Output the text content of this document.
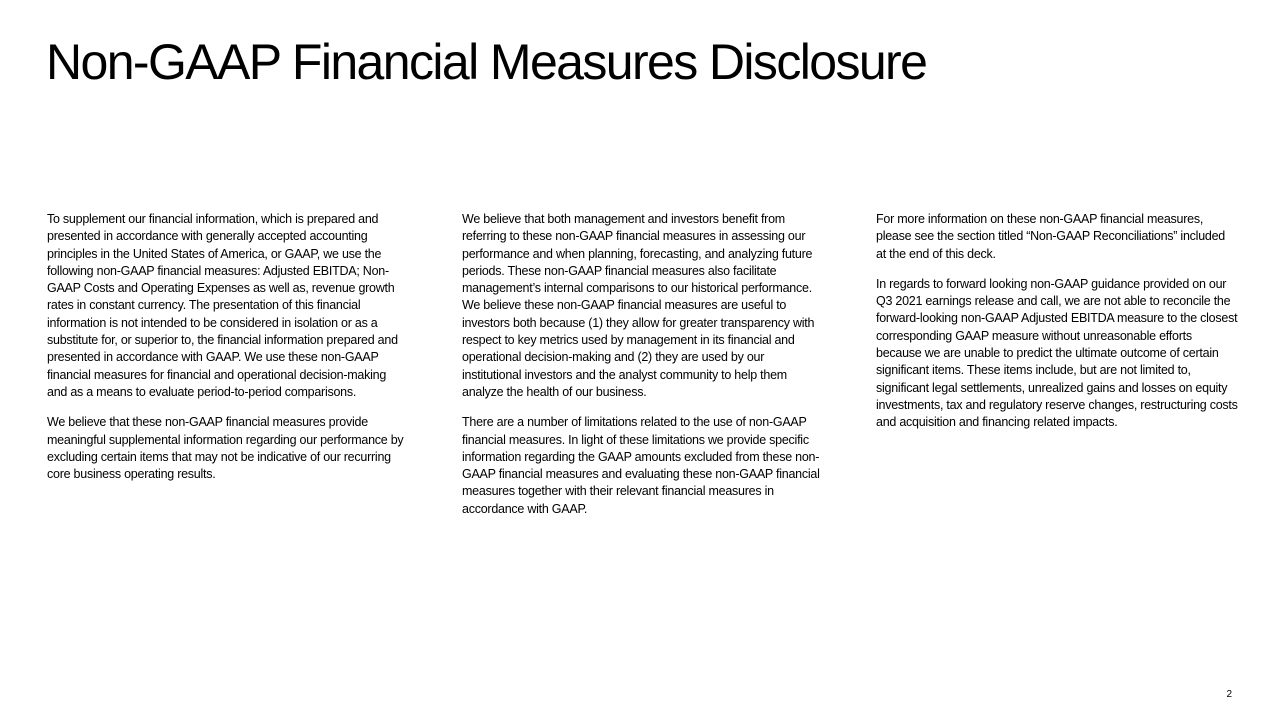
Non-GAAP Financial Measures Disclosure

To supplement our financial information, which is prepared and presented in accordance with generally accepted accounting principles in the United States of America, or GAAP, we use the following non-GAAP financial measures: Adjusted EBITDA; Non-GAAP Costs and Operating Expenses as well as, revenue growth rates in constant currency. The presentation of this financial information is not intended to be considered in isolation or as a substitute for, or superior to, the financial information prepared and presented in accordance with GAAP. We use these non-GAAP financial measures for financial and operational decision-making and as a means to evaluate period-to-period comparisons.

We believe that these non-GAAP financial measures provide meaningful supplemental information regarding our performance by excluding certain items that may not be indicative of our recurring core business operating results.

We believe that both management and investors benefit from referring to these non-GAAP financial measures in assessing our performance and when planning, forecasting, and analyzing future periods. These non-GAAP financial measures also facilitate management’s internal comparisons to our historical performance. We believe these non-GAAP financial measures are useful to investors both because (1) they allow for greater transparency with respect to key metrics used by management in its financial and operational decision-making and (2) they are used by our institutional investors and the analyst community to help them analyze the health of our business.

There are a number of limitations related to the use of non-GAAP financial measures. In light of these limitations we provide specific information regarding the GAAP amounts excluded from these non-GAAP financial measures and evaluating these non-GAAP financial measures together with their relevant financial measures in accordance with GAAP.

For more information on these non-GAAP financial measures, please see the section titled “Non-GAAP Reconciliations” included at the end of this deck.

In regards to forward looking non-GAAP guidance provided on our Q3 2021 earnings release and call, we are not able to reconcile the forward-looking non-GAAP Adjusted EBITDA measure to the closest corresponding GAAP measure without unreasonable efforts because we are unable to predict the ultimate outcome of certain significant items. These items include, but are not limited to, significant legal settlements, unrealized gains and losses on equity investments, tax and regulatory reserve changes, restructuring costs and acquisition and financing related impacts.

2
